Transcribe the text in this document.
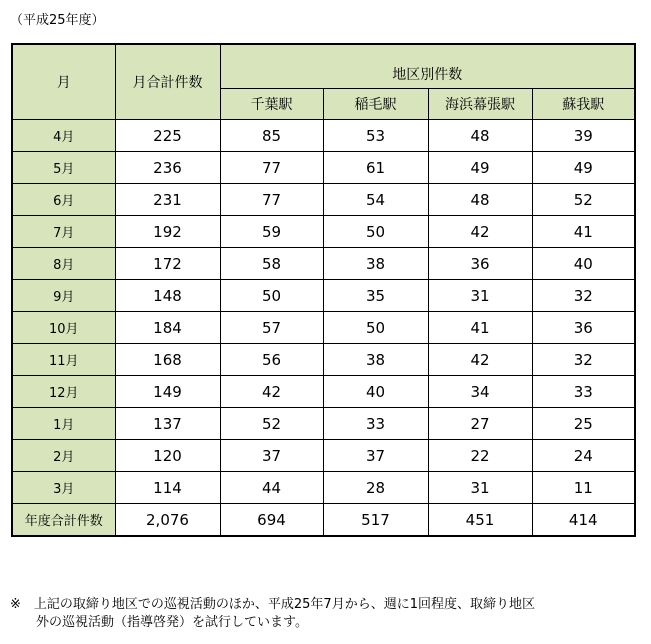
（平成25年度）
月	月合計件数	地区別件数			
		千葉駅	稲毛駅	海浜幕張駅	蘇我駅
4月	225	85	53	48	39
5月	236	77	61	49	49
6月	231	77	54	48	52
7月	192	59	50	42	41
8月	172	58	38	36	40
9月	148	50	35	31	32
10月	184	57	50	41	36
11月	168	56	38	42	32
12月	149	42	40	34	33
1月	137	52	33	27	25
2月	120	37	37	22	24
3月	114	44	28	31	11
年度合計件数	2,076	694	517	451	414
※　上記の取締り地区での巡視活動のほか、平成25年7月から、週に1回程度、取締り地区
外の巡視活動（指導啓発）を試行しています。
